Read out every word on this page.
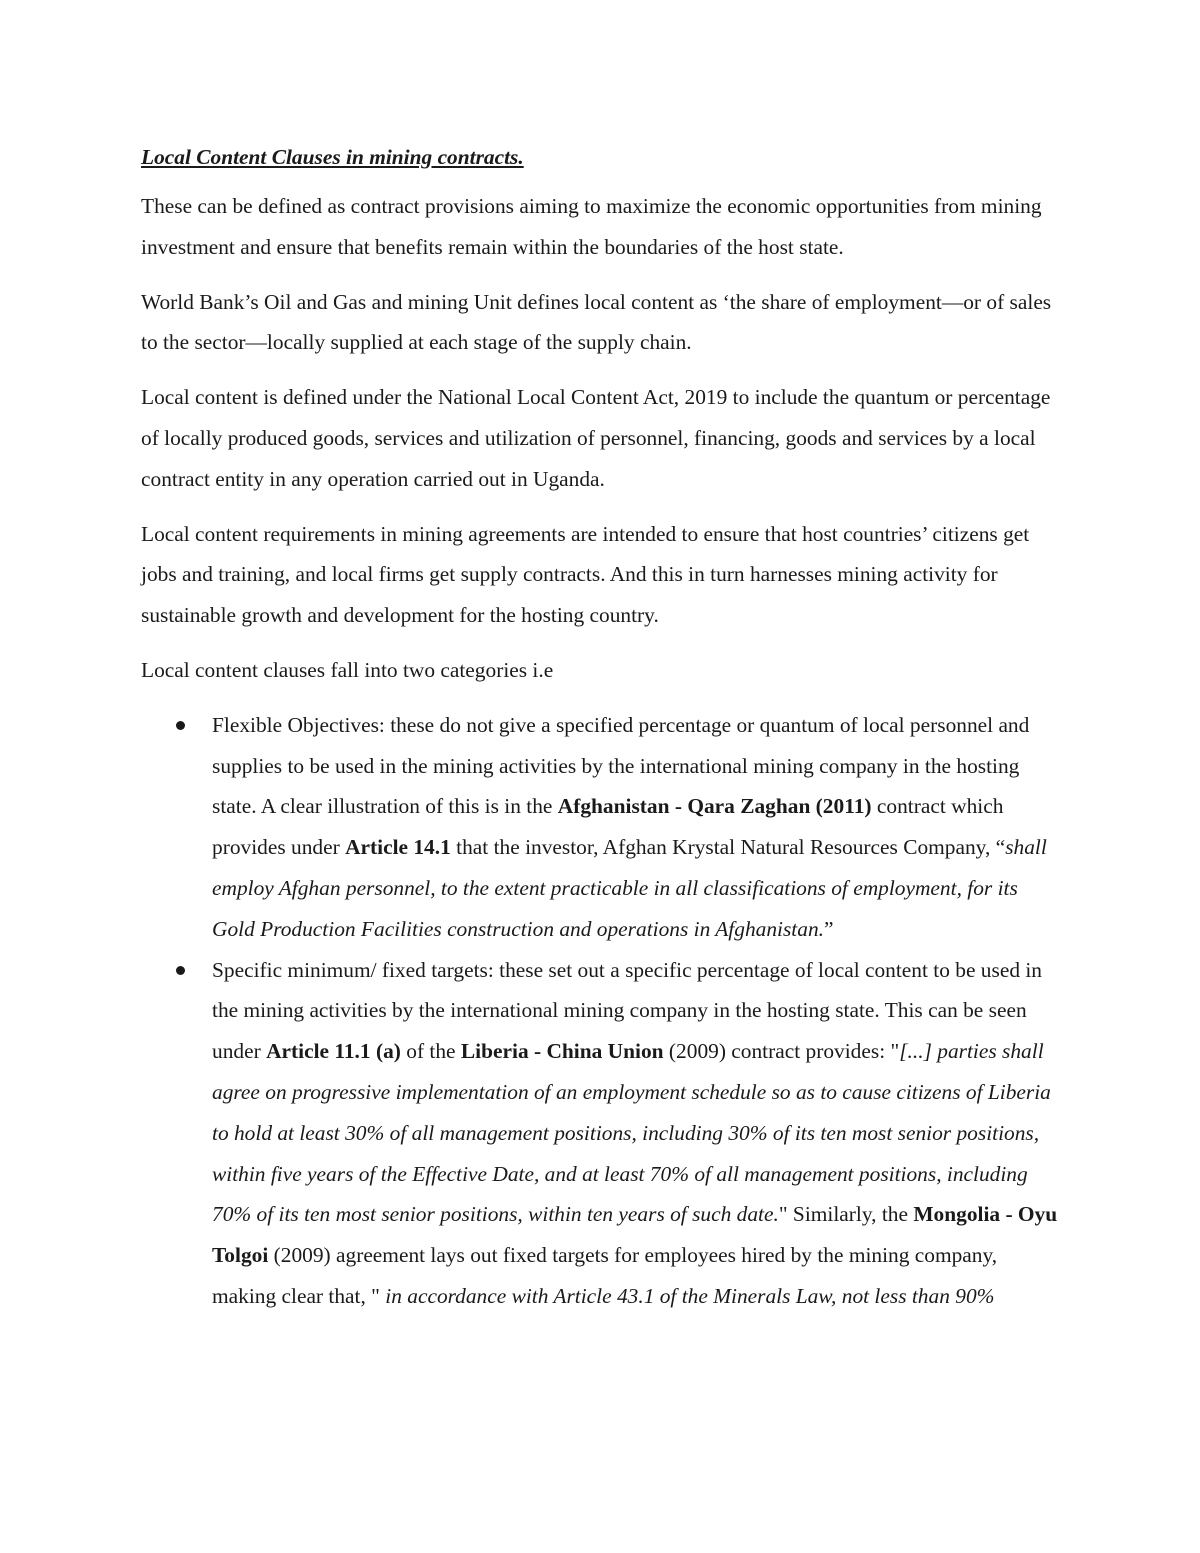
Local Content Clauses in mining contracts.

These can be defined as contract provisions aiming to maximize the economic opportunities from mining investment and ensure that benefits remain within the boundaries of the host state.

World Bank’s Oil and Gas and mining Unit defines local content as ‘the share of employment—or of sales to the sector—locally supplied at each stage of the supply chain.

Local content is defined under the National Local Content Act, 2019 to include the quantum or percentage of locally produced goods, services and utilization of personnel, financing, goods and services by a local contract entity in any operation carried out in Uganda.

Local content requirements in mining agreements are intended to ensure that host countries’ citizens get jobs and training, and local firms get supply contracts. And this in turn harnesses mining activity for sustainable growth and development for the hosting country.

Local content clauses fall into two categories i.e

Flexible Objectives: these do not give a specified percentage or quantum of local personnel and supplies to be used in the mining activities by the international mining company in the hosting state. A clear illustration of this is in the Afghanistan - Qara Zaghan (2011) contract which provides under Article 14.1 that the investor, Afghan Krystal Natural Resources Company, “shall employ Afghan personnel, to the extent practicable in all classifications of employment, for its Gold Production Facilities construction and operations in Afghanistan.”
Specific minimum/ fixed targets: these set out a specific percentage of local content to be used in the mining activities by the international mining company in the hosting state. This can be seen under Article 11.1 (a) of the Liberia - China Union (2009) contract provides: "[...] parties shall agree on progressive implementation of an employment schedule so as to cause citizens of Liberia to hold at least 30% of all management positions, including 30% of its ten most senior positions, within five years of the Effective Date, and at least 70% of all management positions, including 70% of its ten most senior positions, within ten years of such date." Similarly, the Mongolia - Oyu Tolgoi (2009) agreement lays out fixed targets for employees hired by the mining company, making clear that, " in accordance with Article 43.1 of the Minerals Law, not less than 90%
